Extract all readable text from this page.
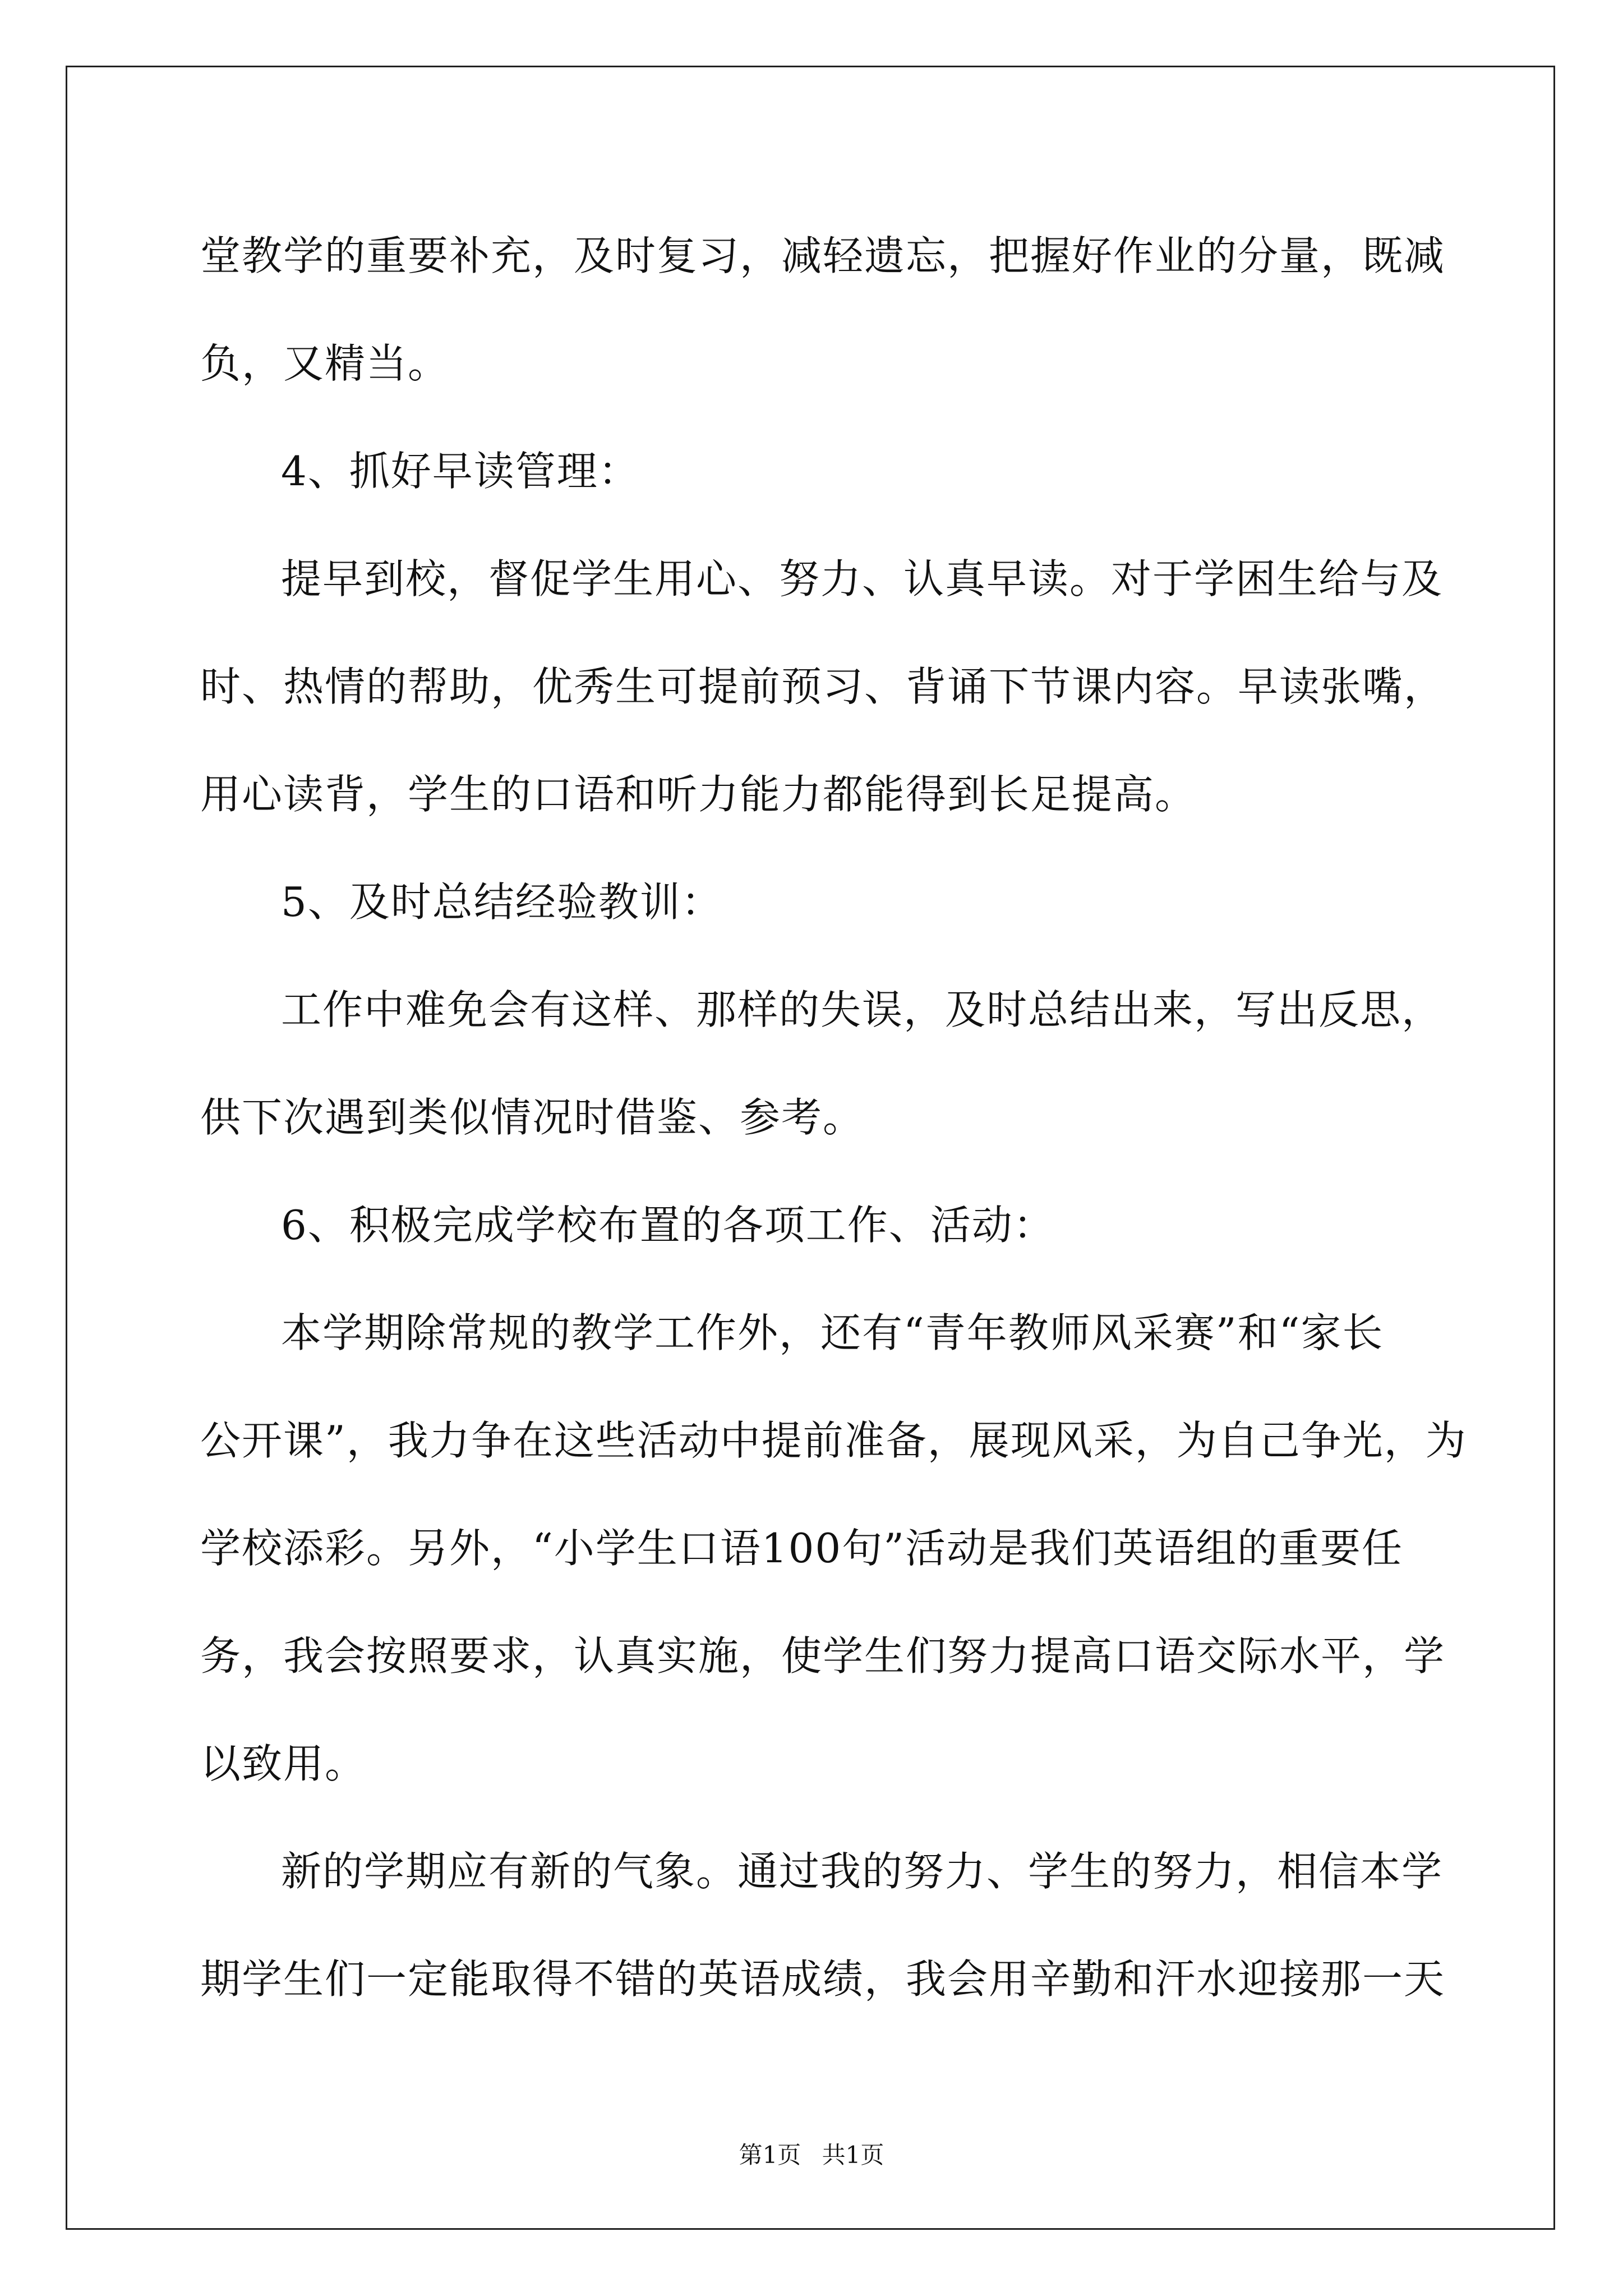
堂教学的重要补充，及时复习，减轻遗忘，把握好作业的分量，既减

负，又精当。

4、抓好早读管理：

提早到校，督促学生用心、努力、认真早读。对于学困生给与及

时、热情的帮助，优秀生可提前预习、背诵下节课内容。早读张嘴，

用心读背，学生的口语和听力能力都能得到长足提高。

5、及时总结经验教训：

工作中难免会有这样、那样的失误，及时总结出来，写出反思，

供下次遇到类似情况时借鉴、参考。

6、积极完成学校布置的各项工作、活动：

本学期除常规的教学工作外，还有“青年教师风采赛”和“家长

公开课”，我力争在这些活动中提前准备，展现风采，为自己争光，为

学校添彩。另外，“小学生口语100句”活动是我们英语组的重要任

务，我会按照要求，认真实施，使学生们努力提高口语交际水平，学

以致用。

新的学期应有新的气象。通过我的努力、学生的努力，相信本学

期学生们一定能取得不错的英语成绩，我会用辛勤和汗水迎接那一天

第1页 共1页
